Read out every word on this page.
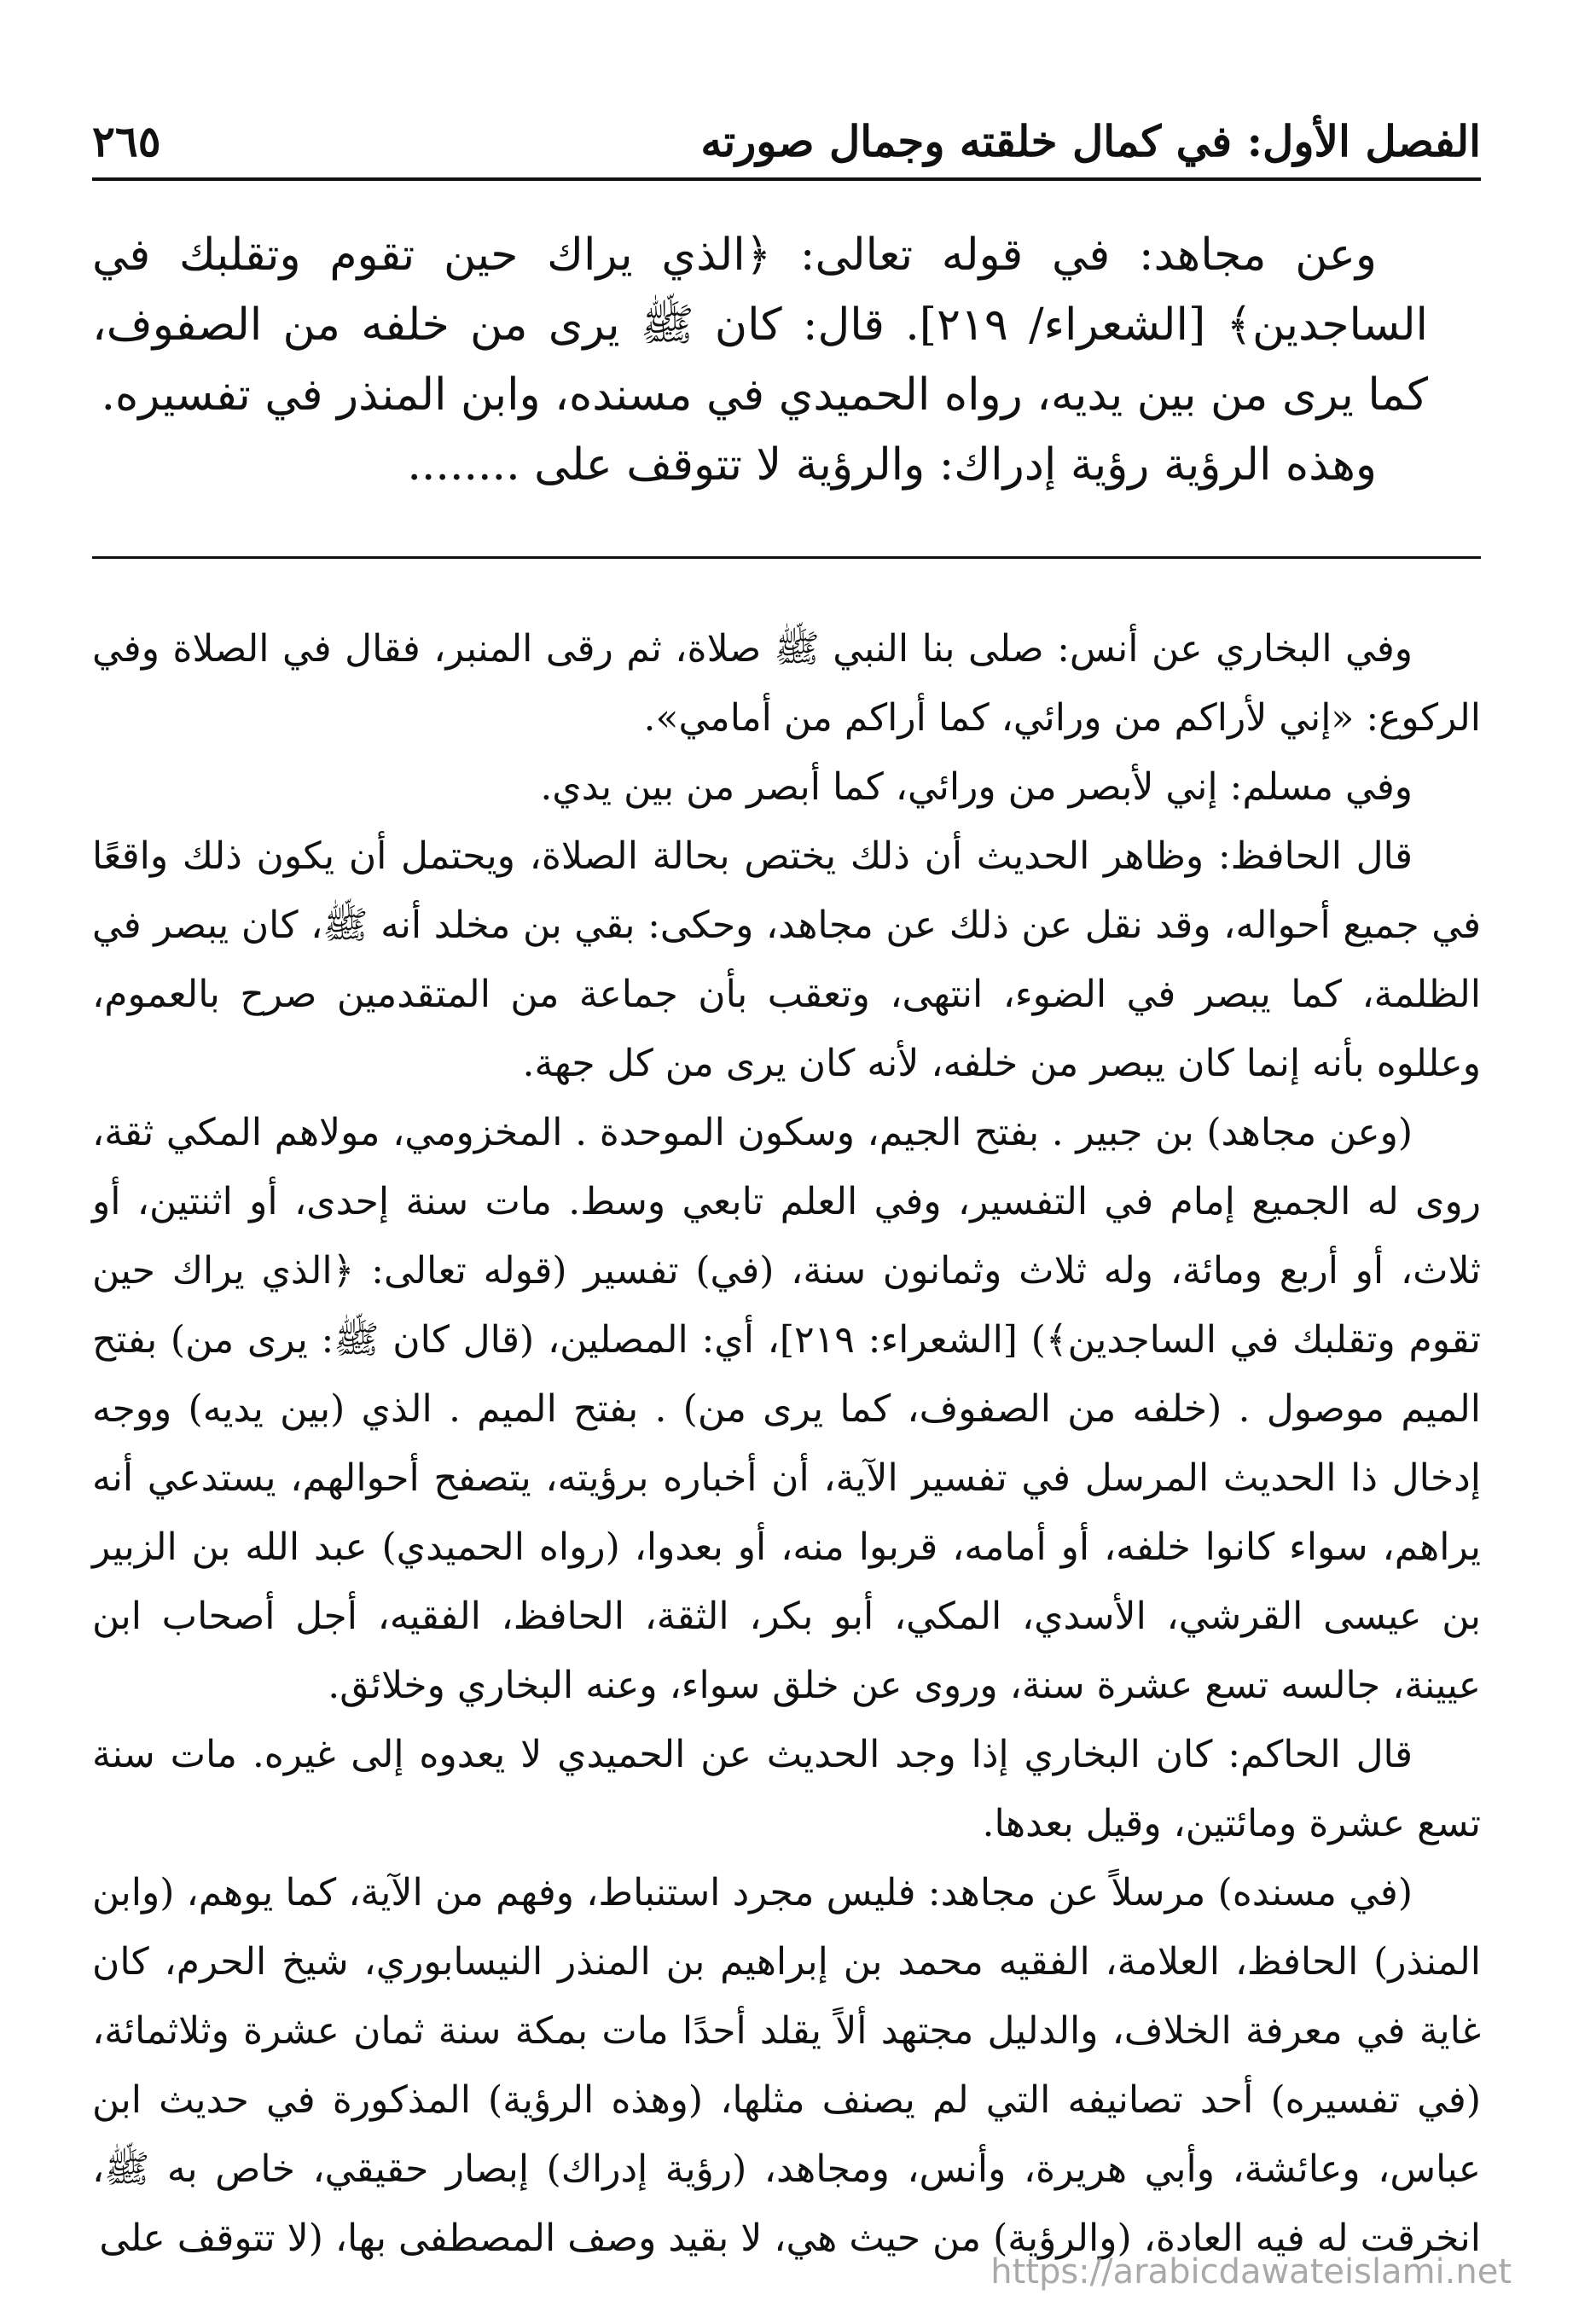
الفصل الأول: في كمال خلقته وجمال صورته
٢٦٥

وعن مجاهد: في قوله تعالى: ﴿الذي يراك حين تقوم وتقلبك في الساجدين﴾ [الشعراء/ ٢١٩]. قال: كان ﷺ يرى من خلفه من الصفوف، كما يرى من بين يديه، رواه الحميدي في مسنده، وابن المنذر في تفسيره.

وهذه الرؤية رؤية إدراك: والرؤية لا تتوقف على ........

وفي البخاري عن أنس: صلى بنا النبي ﷺ صلاة، ثم رقى المنبر، فقال في الصلاة وفي الركوع: «إني لأراكم من ورائي، كما أراكم من أمامي».

وفي مسلم: إني لأبصر من ورائي، كما أبصر من بين يدي.

قال الحافظ: وظاهر الحديث أن ذلك يختص بحالة الصلاة، ويحتمل أن يكون ذلك واقعًا في جميع أحواله، وقد نقل عن ذلك عن مجاهد، وحكى: بقي بن مخلد أنه ﷺ، كان يبصر في الظلمة، كما يبصر في الضوء، انتهى، وتعقب بأن جماعة من المتقدمين صرح بالعموم، وعللوه بأنه إنما كان يبصر من خلفه، لأنه كان يرى من كل جهة.

(وعن مجاهد) بن جبير . بفتح الجيم، وسكون الموحدة . المخزومي، مولاهم المكي ثقة، روى له الجميع إمام في التفسير، وفي العلم تابعي وسط. مات سنة إحدى، أو اثنتين، أو ثلاث، أو أربع ومائة، وله ثلاث وثمانون سنة، (في) تفسير (قوله تعالى: ﴿الذي يراك حين تقوم وتقلبك في الساجدين﴾) [الشعراء: ٢١٩]، أي: المصلين، (قال كان ﷺ: يرى من) بفتح الميم موصول . (خلفه من الصفوف، كما يرى من) . بفتح الميم . الذي (بين يديه) ووجه إدخال ذا الحديث المرسل في تفسير الآية، أن أخباره برؤيته، يتصفح أحوالهم، يستدعي أنه يراهم، سواء كانوا خلفه، أو أمامه، قربوا منه، أو بعدوا، (رواه الحميدي) عبد الله بن الزبير بن عيسى القرشي، الأسدي، المكي، أبو بكر، الثقة، الحافظ، الفقيه، أجل أصحاب ابن عيينة، جالسه تسع عشرة سنة، وروى عن خلق سواء، وعنه البخاري وخلائق.

قال الحاكم: كان البخاري إذا وجد الحديث عن الحميدي لا يعدوه إلى غيره. مات سنة تسع عشرة ومائتين، وقيل بعدها.

(في مسنده) مرسلاً عن مجاهد: فليس مجرد استنباط، وفهم من الآية، كما يوهم، (وابن المنذر) الحافظ، العلامة، الفقيه محمد بن إبراهيم بن المنذر النيسابوري، شيخ الحرم، كان غاية في معرفة الخلاف، والدليل مجتهد ألاً يقلد أحدًا مات بمكة سنة ثمان عشرة وثلاثمائة، (في تفسيره) أحد تصانيفه التي لم يصنف مثلها، (وهذه الرؤية) المذكورة في حديث ابن عباس، وعائشة، وأبي هريرة، وأنس، ومجاهد، (رؤية إدراك) إبصار حقيقي، خاص به ﷺ، انخرقت له فيه العادة، (والرؤية) من حيث هي، لا بقيد وصف المصطفى بها، (لا تتوقف على

https://arabicdawateislami.net
